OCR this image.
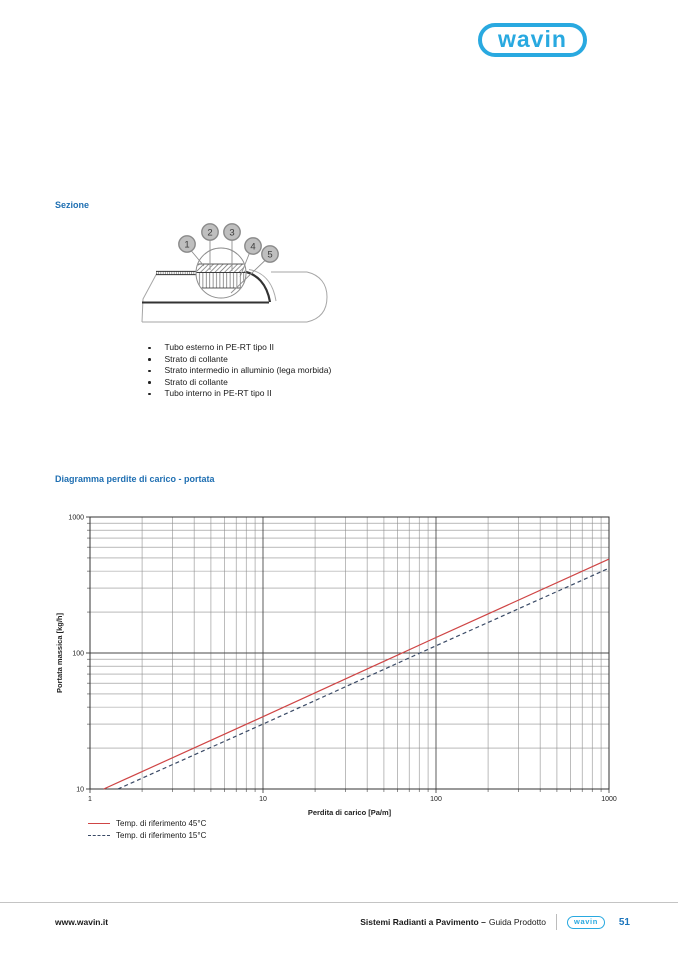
wavin
Sezione
1
2 3
4
5
Tubo esterno in PE-RT tipo II
Strato di collante
Strato intermedio in alluminio (lega morbida)
Strato di collante
Tubo interno in PE-RT tipo II
Diagramma perdite di carico - portata
1	10	100	1000
10
100
1000
Perdita di carico [Pa/m]
Portata massica [kg/h]
Temp. di riferimento 45°C
Temp. di riferimento 15°C
www.wavin.it	Sistemi Radianti a Pavimento – Guida Prodotto	wavin 51
